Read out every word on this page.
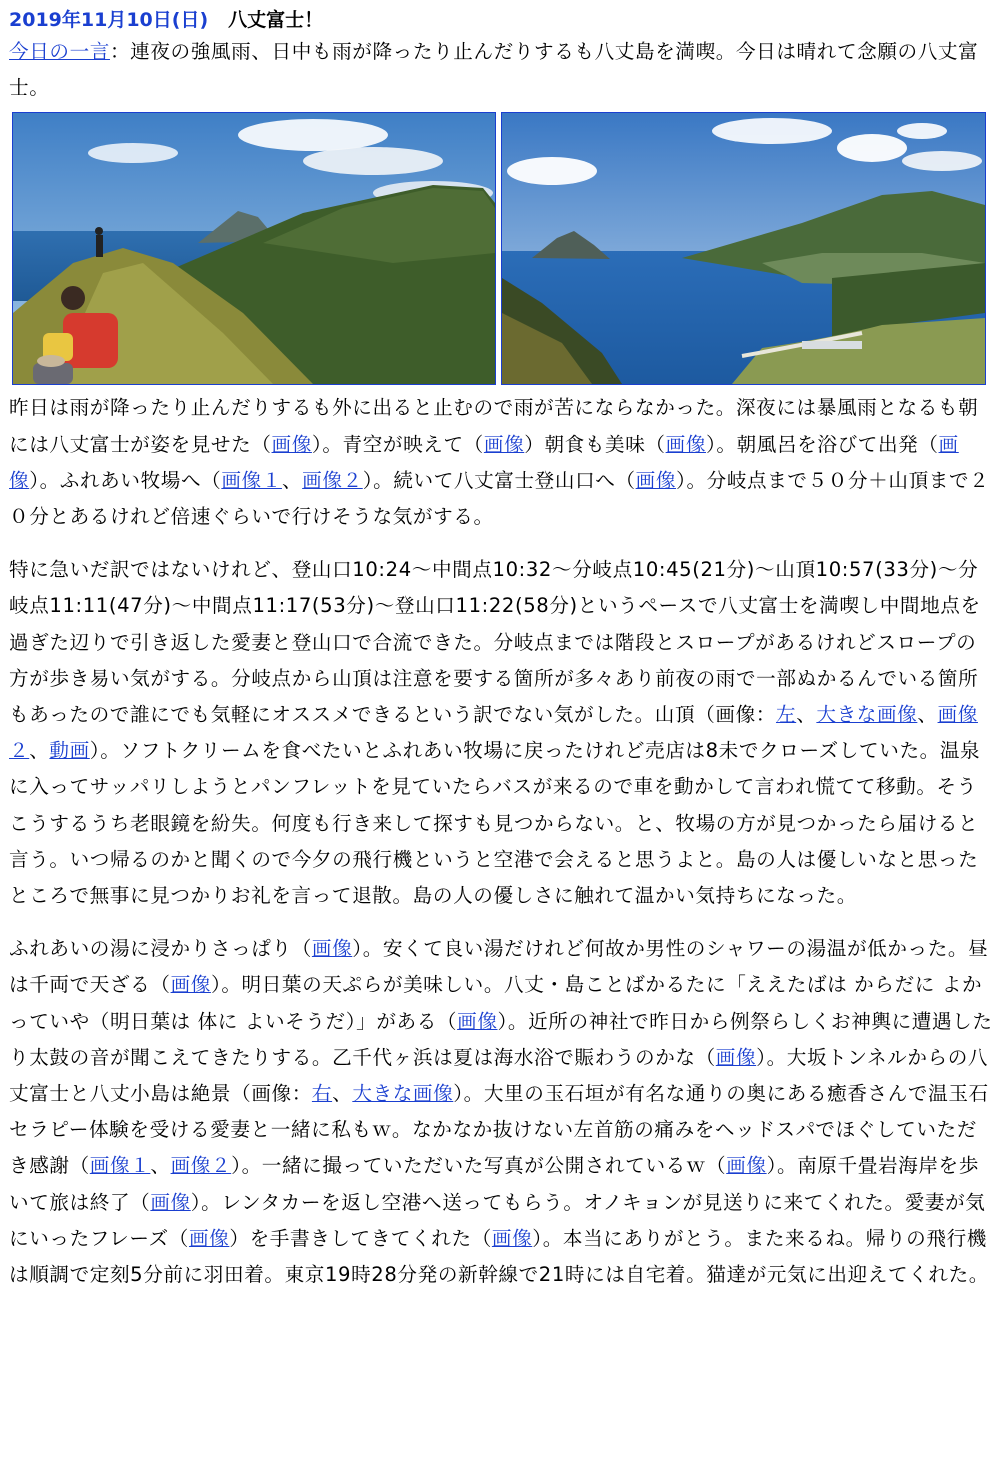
2019年11月10日(日) 八丈富士！

今日の一言：連夜の強風雨、日中も雨が降ったり止んだりするも八丈島を満喫。今日は晴れて念願の八丈富士。

昨日は雨が降ったり止んだりするも外に出ると止むので雨が苦にならなかった。深夜には暴風雨となるも朝には八丈富士が姿を見せた（画像）。青空が映えて（画像）朝食も美味（画像）。朝風呂を浴びて出発（画像）。ふれあい牧場へ（画像１、画像２）。続いて八丈富士登山口へ（画像）。分岐点まで５０分＋山頂まで２０分とあるけれど倍速ぐらいで行けそうな気がする。

特に急いだ訳ではないけれど、登山口10:24～中間点10:32～分岐点10:45(21分)～山頂10:57(33分)～分岐点11:11(47分)～中間点11:17(53分)～登山口11:22(58分)というペースで八丈富士を満喫し中間地点を過ぎた辺りで引き返した愛妻と登山口で合流できた。分岐点までは階段とスロープがあるけれどスロープの方が歩き易い気がする。分岐点から山頂は注意を要する箇所が多々あり前夜の雨で一部ぬかるんでいる箇所もあったので誰にでも気軽にオススメできるという訳でない気がした。山頂（画像：左、大きな画像、画像２、動画）。ソフトクリームを食べたいとふれあい牧場に戻ったけれど売店は8未でクローズしていた。温泉に入ってサッパリしようとパンフレットを見ていたらバスが来るので車を動かして言われ慌てて移動。そうこうするうち老眼鏡を紛失。何度も行き来して探すも見つからない。と、牧場の方が見つかったら届けると言う。いつ帰るのかと聞くので今夕の飛行機というと空港で会えると思うよと。島の人は優しいなと思ったところで無事に見つかりお礼を言って退散。島の人の優しさに触れて温かい気持ちになった。

ふれあいの湯に浸かりさっぱり（画像）。安くて良い湯だけれど何故か男性のシャワーの湯温が低かった。昼は千両で天ざる（画像）。明日葉の天ぷらが美味しい。八丈・島ことばかるたに「ええたばは からだに よかっていや（明日葉は 体に よいそうだ）」がある（画像）。近所の神社で昨日から例祭らしくお神輿に遭遇したり太鼓の音が聞こえてきたりする。乙千代ヶ浜は夏は海水浴で賑わうのかな（画像）。大坂トンネルからの八丈富士と八丈小島は絶景（画像：右、大きな画像）。大里の玉石垣が有名な通りの奥にある癒香さんで温玉石セラピー体験を受ける愛妻と一緒に私もｗ。なかなか抜けない左首筋の痛みをヘッドスパでほぐしていただき感謝（画像１、画像２）。一緒に撮っていただいた写真が公開されているｗ（画像）。南原千畳岩海岸を歩いて旅は終了（画像）。レンタカーを返し空港へ送ってもらう。オノキョンが見送りに来てくれた。愛妻が気にいったフレーズ（画像）を手書きしてきてくれた（画像）。本当にありがとう。また来るね。帰りの飛行機は順調で定刻5分前に羽田着。東京19時28分発の新幹線で21時には自宅着。猫達が元気に出迎えてくれた。
